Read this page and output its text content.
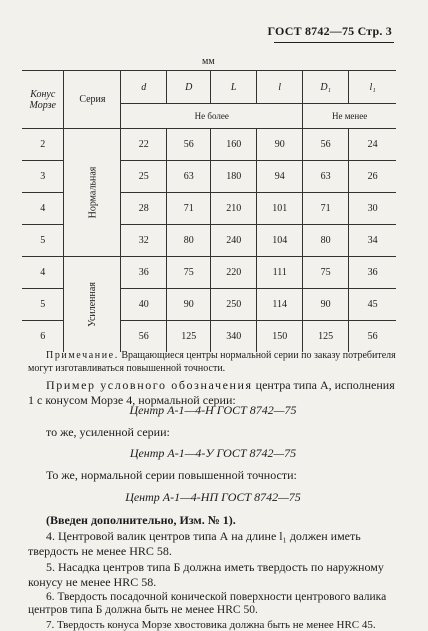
ГОСТ 8742—75 Стр. 3
мм
Конус Морзе	Серия	d	D	L	l	D₁	l₁
		Не более				Не менее	
2	Нормальная	22	56	160	90	56	24
3		25	63	180	94	63	26
4		28	71	210	101	71	30
5		32	80	240	104	80	34
4	Усиленная	36	75	220	111	75	36
5		40	90	250	114	90	45
6		56	125	340	150	125	56
Примечание. Вращающиеся центры нормальной серии по заказу потребителя могут изготавливаться повышенной точности.
Пример условного обозначения центра типа А, исполнения 1 с конусом Морзе 4, нормальной серии:
Центр А-1—4-Н ГОСТ 8742—75
то же, усиленной серии:
Центр А-1—4-У ГОСТ 8742—75
То же, нормальной серии повышенной точности:
Центр А-1—4-НП ГОСТ 8742—75
(Введен дополнительно, Изм. № 1).
4. Центровой валик центров типа А на длине l₁ должен иметь твердость не менее HRC 58.
5. Насадка центров типа Б должна иметь твердость по наружному конусу не менее HRC 58.
6. Твердость посадочной конической поверхности центрового валика центров типа Б должна быть не менее HRC 50.
7. Твердость конуса Морзе хвостовика должна быть не менее HRC 45.
